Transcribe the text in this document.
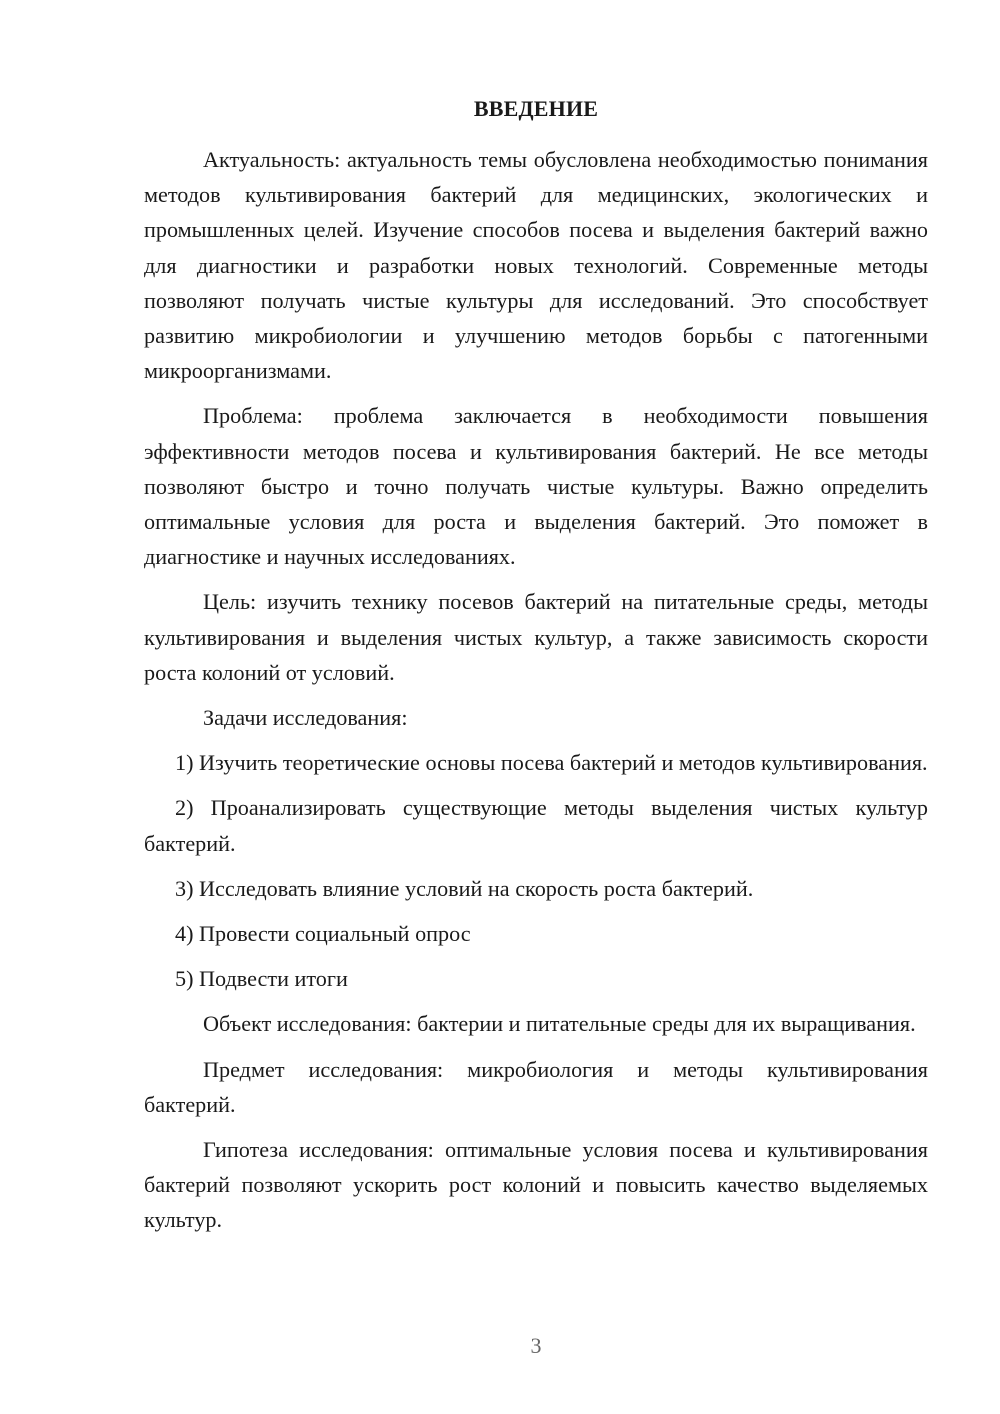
ВВЕДЕНИЕ

Актуальность: актуальность темы обусловлена необходимостью понимания методов культивирования бактерий для медицинских, экологических и промышленных целей. Изучение способов посева и выделения бактерий важно для диагностики и разработки новых технологий. Современные методы позволяют получать чистые культуры для исследований. Это способствует развитию микробиологии и улучшению методов борьбы с патогенными микроорганизмами.

Проблема: проблема заключается в необходимости повышения эффективности методов посева и культивирования бактерий. Не все методы позволяют быстро и точно получать чистые культуры. Важно определить оптимальные условия для роста и выделения бактерий. Это поможет в диагностике и научных исследованиях.

Цель: изучить технику посевов бактерий на питательные среды, методы культивирования и выделения чистых культур, а также зависимость скорости роста колоний от условий.

Задачи исследования:

1) Изучить теоретические основы посева бактерий и методов культивирования.

2) Проанализировать существующие методы выделения чистых культур бактерий.

3) Исследовать влияние условий на скорость роста бактерий.

4) Провести социальный опрос

5) Подвести итоги

Объект исследования: бактерии и питательные среды для их выращивания.

Предмет исследования: микробиология и методы культивирования бактерий.

Гипотеза исследования: оптимальные условия посева и культивирования бактерий позволяют ускорить рост колоний и повысить качество выделяемых культур.

3
